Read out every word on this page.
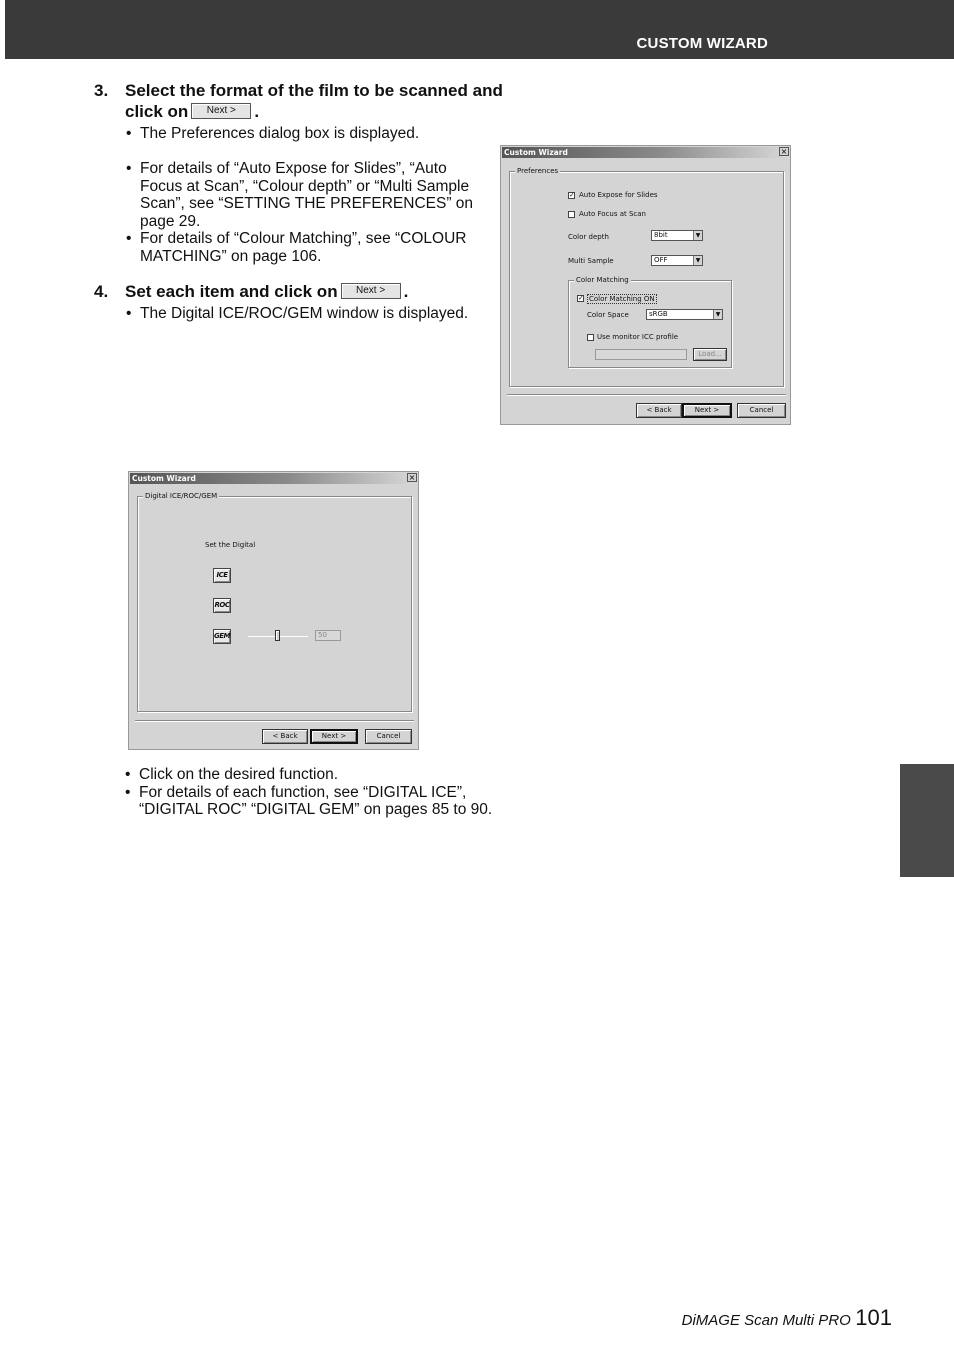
CUSTOM WIZARD
3. Select the format of the film to be scanned and
click on Next > .
• The Preferences dialog box is displayed.
• For details of “Auto Expose for Slides”, “Auto
Focus at Scan”, “Colour depth” or “Multi Sample
Scan”, see “SETTING THE PREFERENCES” on
page 29.
• For details of “Colour Matching”, see “COLOUR
MATCHING” on page 106.
4. Set each item and click on Next > .
• The Digital ICE/ROC/GEM window is displayed.
Custom Wizard	×
Preferences
✓ Auto Expose for Slides
Auto Focus at Scan
Color depth	8bit	▼
Multi Sample	OFF	▼
Color Matching
✓ Color Matching ON
Color Space	sRGB	▼
Use monitor ICC profile
Load...
< Back	Next >	Cancel
Custom Wizard	×
Digital ICE/ROC/GEM
Set the Digital
ICE
ROC
GEM	50
< Back	Next >	Cancel
• Click on the desired function.
• For details of each function, see “DIGITAL ICE”,
“DIGITAL ROC” “DIGITAL GEM” on pages 85 to 90.
DiMAGE Scan Multi PRO 101
